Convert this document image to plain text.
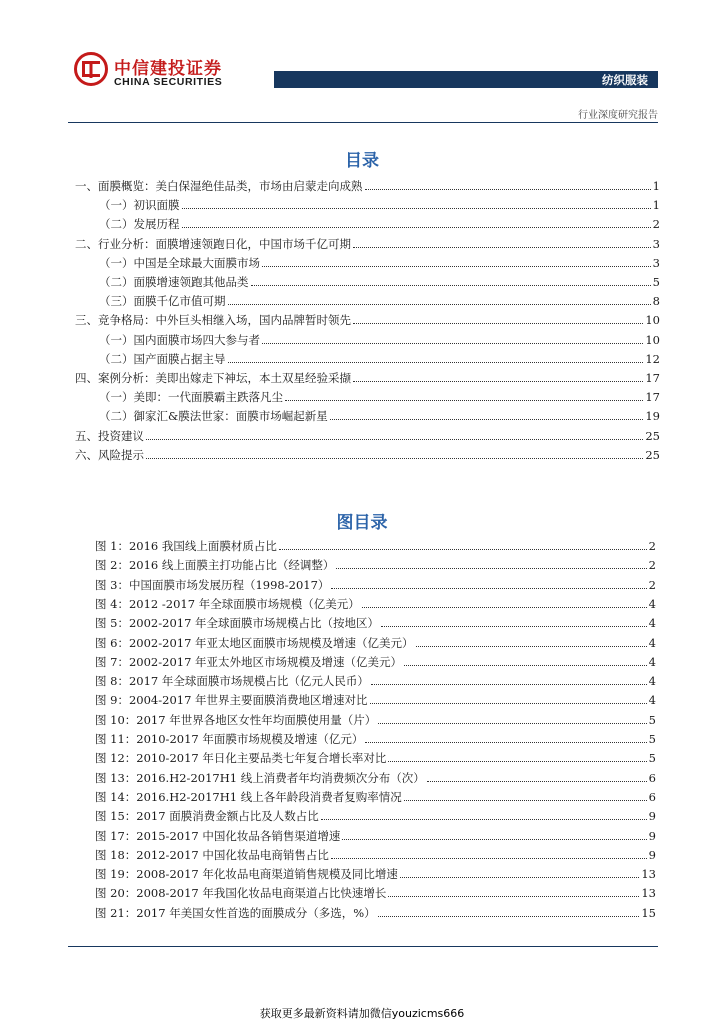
中信建投证券
CHINA SECURITIES	纺织服装
行业深度研究报告
目录
一、面膜概览：美白保湿绝佳品类，市场由启蒙走向成熟	1
（一）初识面膜	1
（二）发展历程	2
二、行业分析：面膜增速领跑日化，中国市场千亿可期	3
（一）中国是全球最大面膜市场	3
（二）面膜增速领跑其他品类	5
（三）面膜千亿市值可期	8
三、竞争格局：中外巨头相继入场，国内品牌暂时领先	10
（一）国内面膜市场四大参与者	10
（二）国产面膜占据主导	12
四、案例分析：美即出嫁走下神坛，本土双星经验采撷	17
（一）美即：一代面膜霸主跌落凡尘	17
（二）御家汇&膜法世家：面膜市场崛起新星	19
五、投资建议	25
六、风险提示	25
图目录
图 1：2016 我国线上面膜材质占比	2
图 2：2016 线上面膜主打功能占比（经调整）	2
图 3：中国面膜市场发展历程（1998-2017）	2
图 4：2012 -2017 年全球面膜市场规模（亿美元）	4
图 5：2002-2017 年全球面膜市场规模占比（按地区）	4
图 6：2002-2017 年亚太地区面膜市场规模及增速（亿美元）	4
图 7：2002-2017 年亚太外地区市场规模及增速（亿美元）	4
图 8：2017 年全球面膜市场规模占比（亿元人民币）	4
图 9：2004-2017 年世界主要面膜消费地区增速对比	4
图 10：2017 年世界各地区女性年均面膜使用量（片）	5
图 11：2010-2017 年面膜市场规模及增速（亿元）	5
图 12：2010-2017 年日化主要品类七年复合增长率对比	5
图 13：2016.H2-2017H1 线上消费者年均消费频次分布（次）	6
图 14：2016.H2-2017H1 线上各年龄段消费者复购率情况	6
图 15：2017 面膜消费金额占比及人数占比	9
图 17：2015-2017 中国化妆品各销售渠道增速	9
图 18：2012-2017 中国化妆品电商销售占比	9
图 19：2008-2017 年化妆品电商渠道销售规模及同比增速	13
图 20：2008-2017 年我国化妆品电商渠道占比快速增长	13
图 21：2017 年美国女性首选的面膜成分（多选，%）	15
获取更多最新资料请加微信youzicms666
